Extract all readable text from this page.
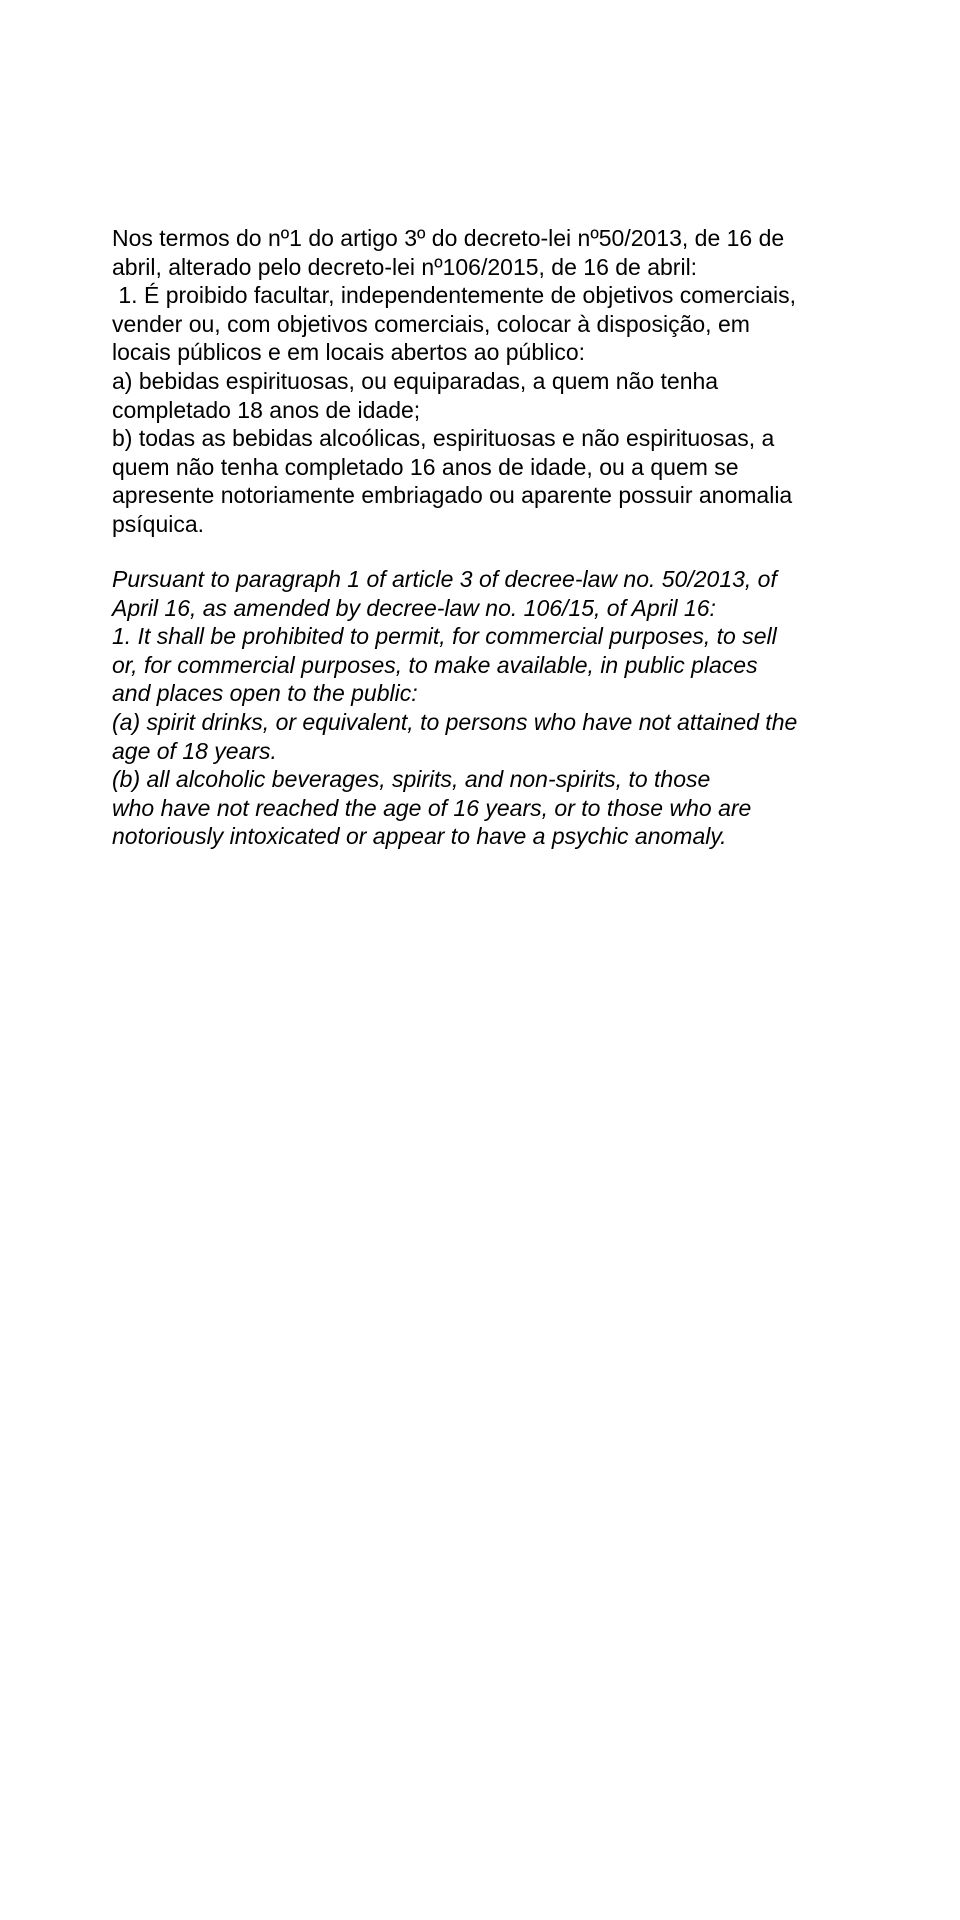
Nos termos do nº1 do artigo 3º do decreto-lei nº50/2013, de 16 de
abril, alterado pelo decreto-lei nº106/2015, de 16 de abril:
1. É proibido facultar, independentemente de objetivos comerciais,
vender ou, com objetivos comerciais, colocar à disposição, em
locais públicos e em locais abertos ao público:
a) bebidas espirituosas, ou equiparadas, a quem não tenha
completado 18 anos de idade;
b) todas as bebidas alcoólicas, espirituosas e não espirituosas, a
quem não tenha completado 16 anos de idade, ou a quem se
apresente notoriamente embriagado ou aparente possuir anomalia
psíquica.
Pursuant to paragraph 1 of article 3 of decree-law no. 50/2013, of
April 16, as amended by decree-law no. 106/15, of April 16:
1. It shall be prohibited to permit, for commercial purposes, to sell
or, for commercial purposes, to make available, in public places
and places open to the public:
(a) spirit drinks, or equivalent, to persons who have not attained the
age of 18 years.
(b) all alcoholic beverages, spirits, and non-spirits, to those
who have not reached the age of 16 years, or to those who are
notoriously intoxicated or appear to have a psychic anomaly.
